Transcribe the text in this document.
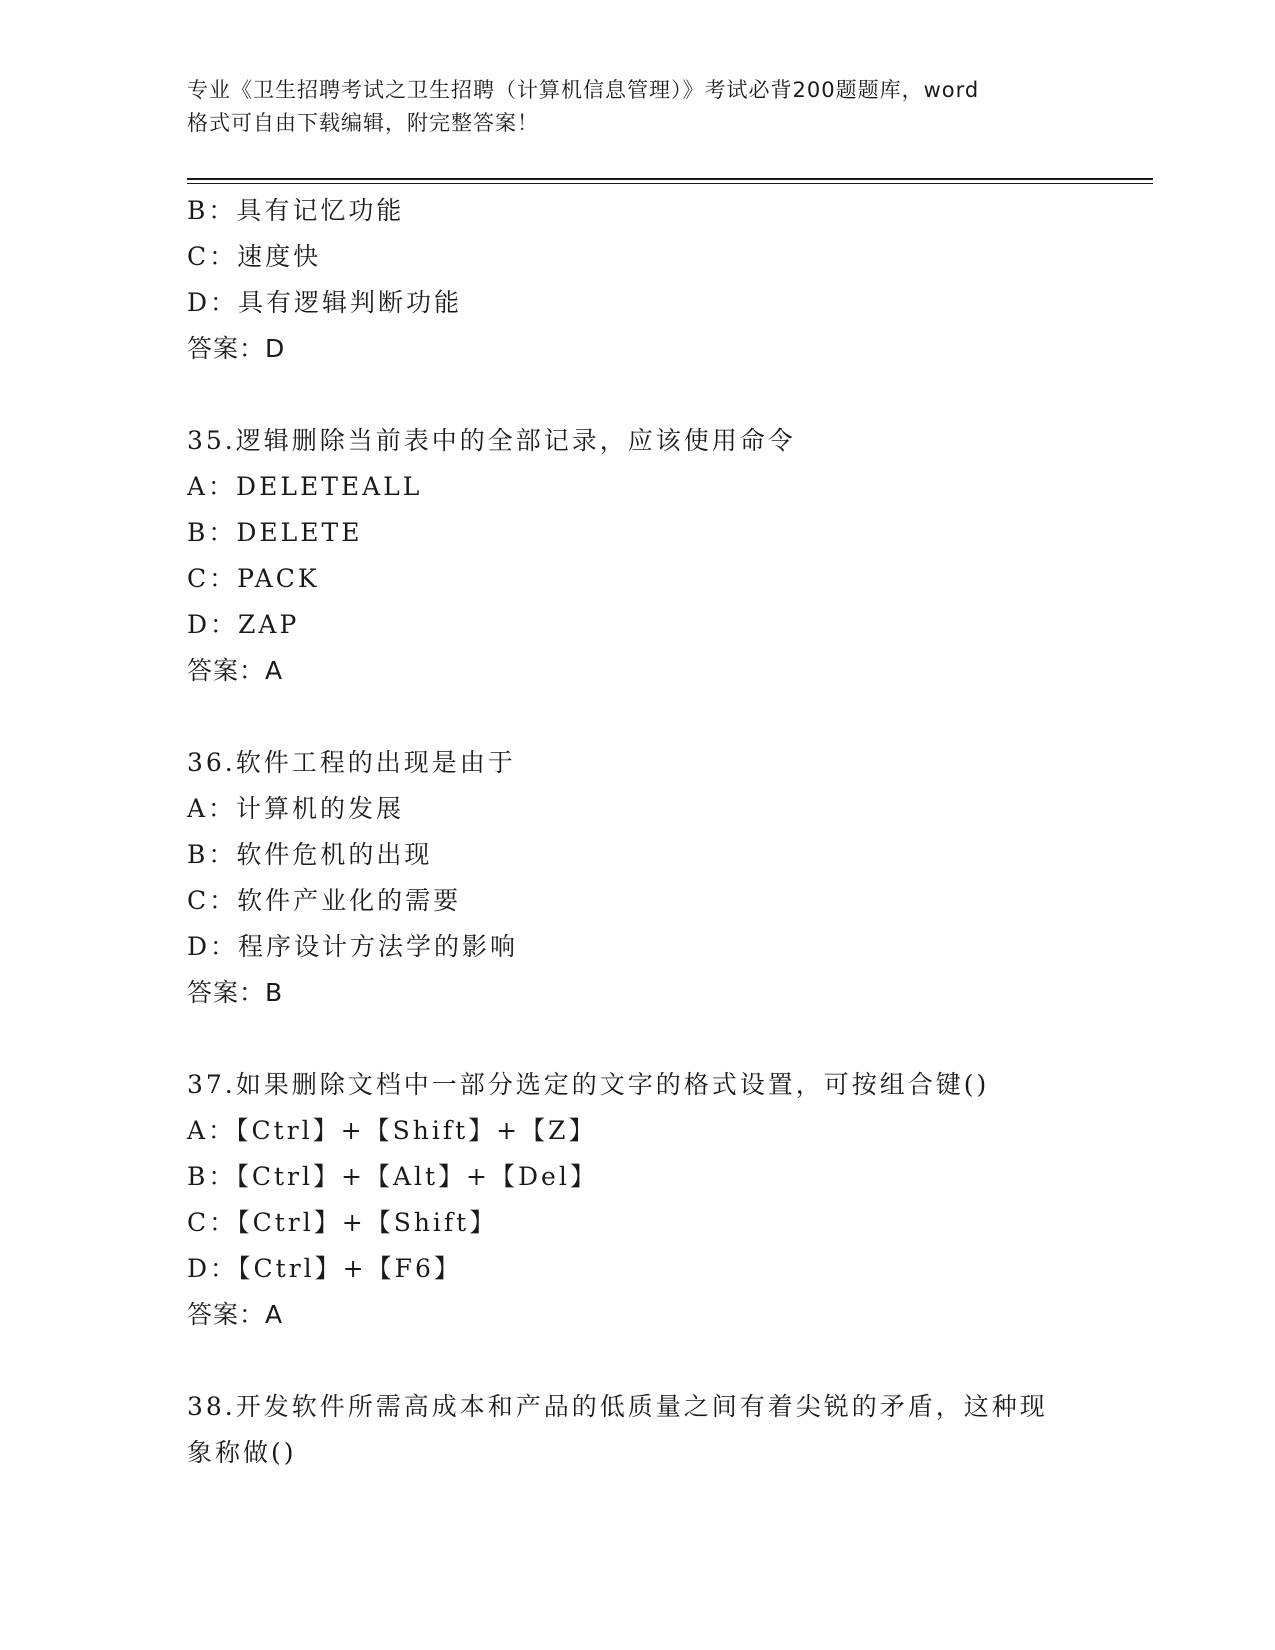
专业《卫生招聘考试之卫生招聘（计算机信息管理）》考试必背200题题库，word

格式可自由下载编辑，附完整答案！

B：具有记忆功能
C：速度快
D：具有逻辑判断功能
答案：D
35.逻辑删除当前表中的全部记录，应该使用命令
A：DELETEALL
B：DELETE
C：PACK
D：ZAP
答案：A
36.软件工程的出现是由于
A：计算机的发展
B：软件危机的出现
C：软件产业化的需要
D：程序设计方法学的影响
答案：B
37.如果删除文档中一部分选定的文字的格式设置，可按组合键()
A：【Ctrl】+【Shift】+【Z】
B：【Ctrl】+【Alt】+【Del】
C：【Ctrl】+【Shift】
D：【Ctrl】+【F6】
答案：A
38.开发软件所需高成本和产品的低质量之间有着尖锐的矛盾，这种现
象称做()
